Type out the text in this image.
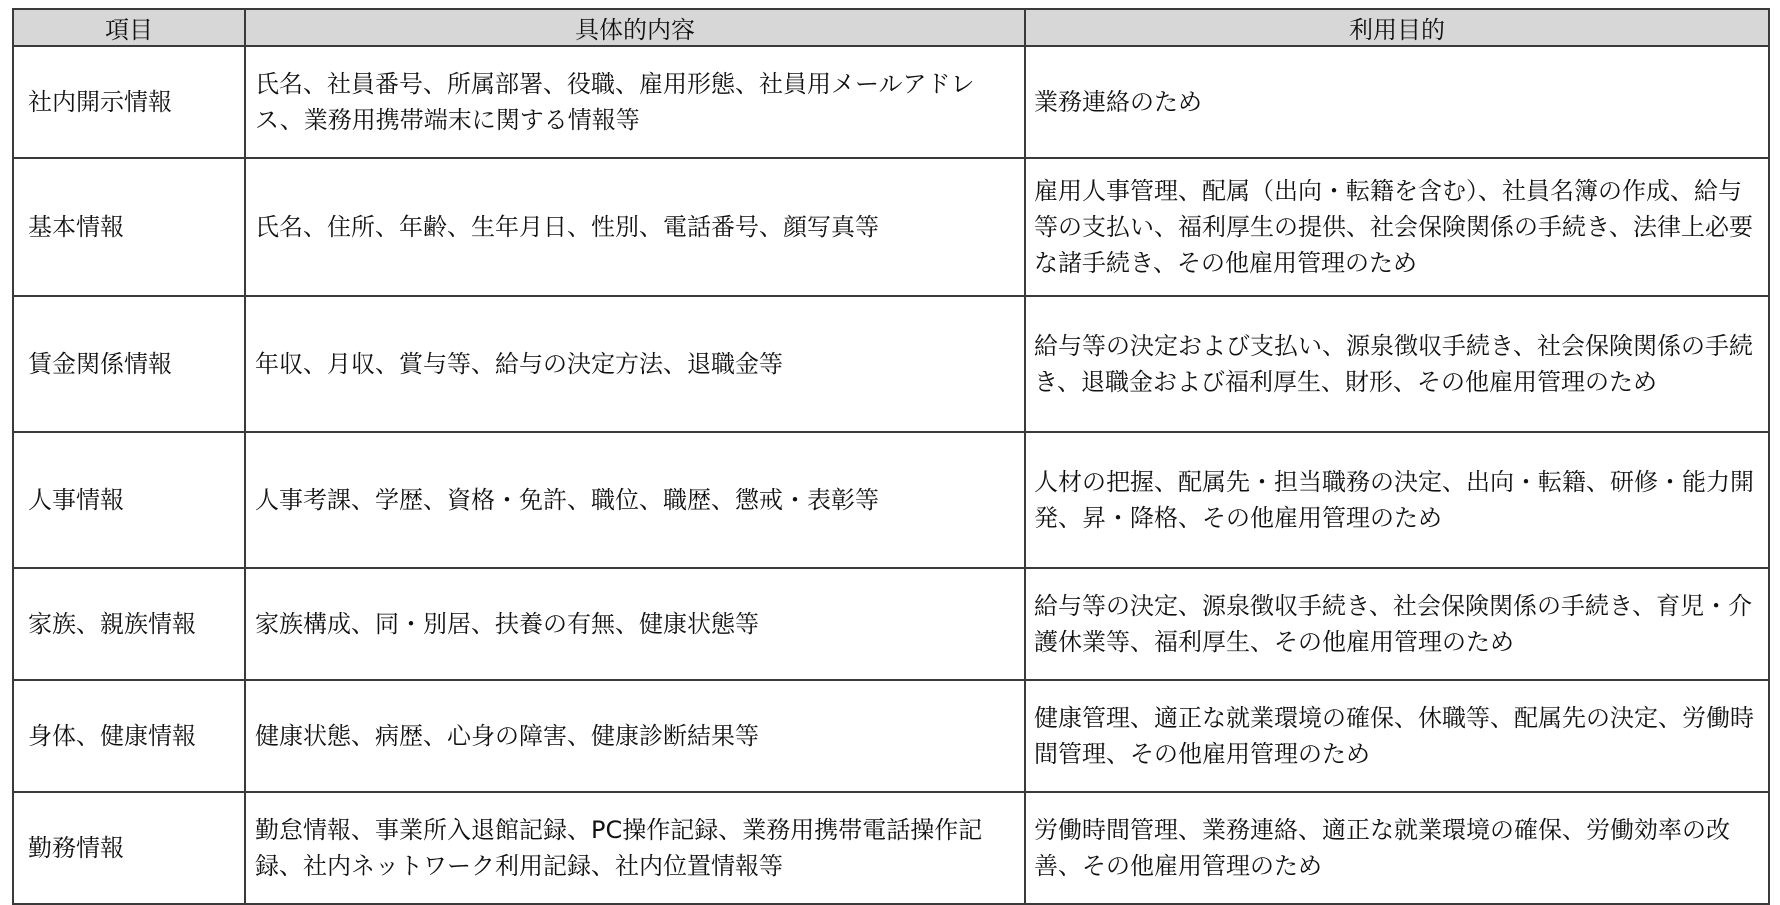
項目	具体的内容	利用目的
社内開示情報	氏名、社員番号、所属部署、役職、雇用形態、社員用メールアドレス、業務用携帯端末に関する情報等	業務連絡のため
基本情報	氏名、住所、年齢、生年月日、性別、電話番号、顔写真等	雇用人事管理、配属（出向・転籍を含む）、社員名簿の作成、給与等の支払い、福利厚生の提供、社会保険関係の手続き、法律上必要な諸手続き、その他雇用管理のため
賃金関係情報	年収、月収、賞与等、給与の決定方法、退職金等	給与等の決定および支払い、源泉徴収手続き、社会保険関係の手続き、退職金および福利厚生、財形、その他雇用管理のため
人事情報	人事考課、学歴、資格・免許、職位、職歴、懲戒・表彰等	人材の把握、配属先・担当職務の決定、出向・転籍、研修・能力開発、昇・降格、その他雇用管理のため
家族、親族情報	家族構成、同・別居、扶養の有無、健康状態等	給与等の決定、源泉徴収手続き、社会保険関係の手続き、育児・介護休業等、福利厚生、その他雇用管理のため
身体、健康情報	健康状態、病歴、心身の障害、健康診断結果等	健康管理、適正な就業環境の確保、休職等、配属先の決定、労働時間管理、その他雇用管理のため
勤務情報	勤怠情報、事業所入退館記録、PC操作記録、業務用携帯電話操作記録、社内ネットワーク利用記録、社内位置情報等	労働時間管理、業務連絡、適正な就業環境の確保、労働効率の改善、その他雇用管理のため
